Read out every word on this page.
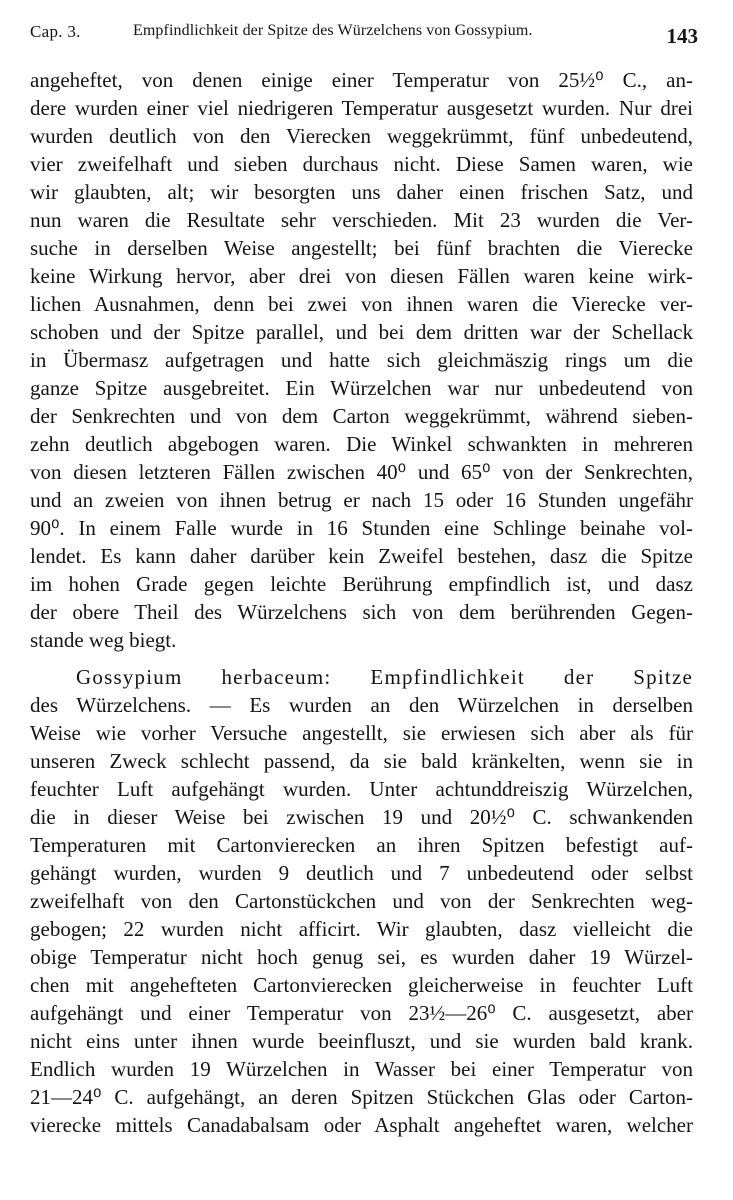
Cap. 3.	Empfindlichkeit der Spitze des Würzelchens von Gossypium.	143
angeheftet, von denen einige einer Temperatur von 25½⁰ C., an-
dere wurden einer viel niedrigeren Temperatur ausgesetzt wurden. Nur drei
wurden deutlich von den Vierecken weggekrümmt, fünf unbedeutend,
vier zweifelhaft und sieben durchaus nicht. Diese Samen waren, wie
wir glaubten, alt; wir besorgten uns daher einen frischen Satz, und
nun waren die Resultate sehr verschieden. Mit 23 wurden die Ver-
suche in derselben Weise angestellt; bei fünf brachten die Vierecke
keine Wirkung hervor, aber drei von diesen Fällen waren keine wirk-
lichen Ausnahmen, denn bei zwei von ihnen waren die Vierecke ver-
schoben und der Spitze parallel, und bei dem dritten war der Schellack
in Übermasz aufgetragen und hatte sich gleichmäszig rings um die
ganze Spitze ausgebreitet. Ein Würzelchen war nur unbedeutend von
der Senkrechten und von dem Carton weggekrümmt, während sieben-
zehn deutlich abgebogen waren. Die Winkel schwankten in mehreren
von diesen letzteren Fällen zwischen 40⁰ und 65⁰ von der Senkrechten,
und an zweien von ihnen betrug er nach 15 oder 16 Stunden ungefähr
90⁰. In einem Falle wurde in 16 Stunden eine Schlinge beinahe vol-
lendet. Es kann daher darüber kein Zweifel bestehen, dasz die Spitze
im hohen Grade gegen leichte Berührung empfindlich ist, und dasz
der obere Theil des Würzelchens sich von dem berührenden Gegen-
stande weg biegt.
Gossypium herbaceum: Empfindlichkeit der Spitze
des Würzelchens. — Es wurden an den Würzelchen in derselben
Weise wie vorher Versuche angestellt, sie erwiesen sich aber als für
unseren Zweck schlecht passend, da sie bald kränkelten, wenn sie in
feuchter Luft aufgehängt wurden. Unter achtunddreiszig Würzelchen,
die in dieser Weise bei zwischen 19 und 20½⁰ C. schwankenden
Temperaturen mit Cartonvierecken an ihren Spitzen befestigt auf-
gehängt wurden, wurden 9 deutlich und 7 unbedeutend oder selbst
zweifelhaft von den Cartonstückchen und von der Senkrechten weg-
gebogen; 22 wurden nicht afficirt. Wir glaubten, dasz vielleicht die
obige Temperatur nicht hoch genug sei, es wurden daher 19 Würzel-
chen mit angehefteten Cartonvierecken gleicherweise in feuchter Luft
aufgehängt und einer Temperatur von 23½—26⁰ C. ausgesetzt, aber
nicht eins unter ihnen wurde beeinfluszt, und sie wurden bald krank.
Endlich wurden 19 Würzelchen in Wasser bei einer Temperatur von
21—24⁰ C. aufgehängt, an deren Spitzen Stückchen Glas oder Carton-
vierecke mittels Canadabalsam oder Asphalt angeheftet waren, welcher
